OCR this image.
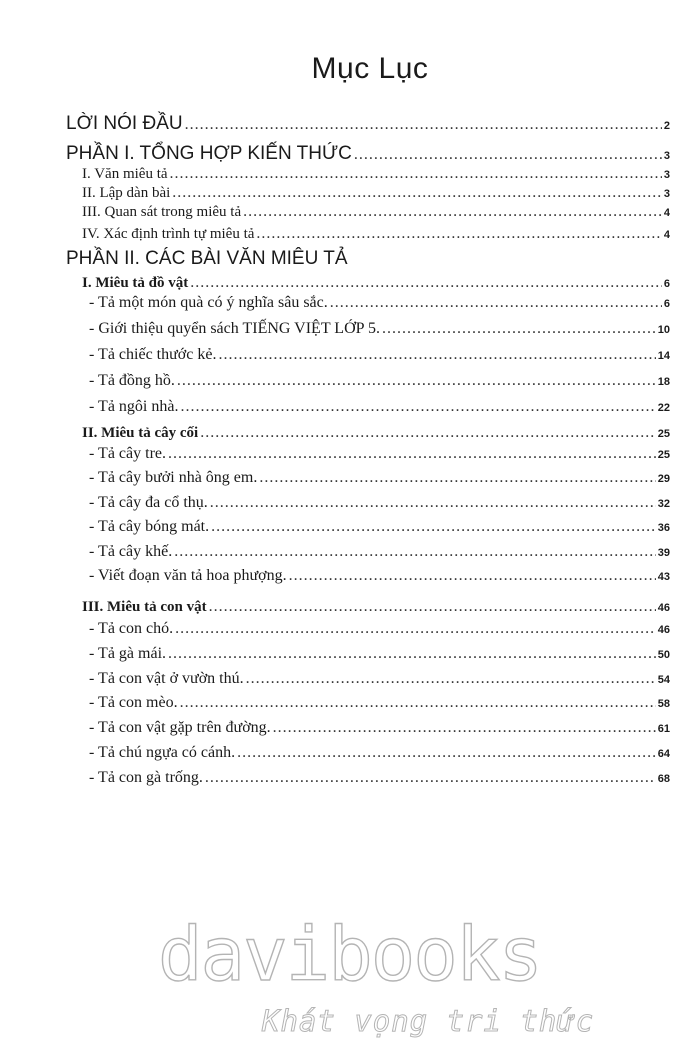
Mục Lục
LỜI NÓI ĐẦU .....	2
PHẦN I. TỔNG HỢP KIẾN THỨC .....	3
I. Văn miêu tả .....	3
II. Lập dàn bài .....	3
III. Quan sát trong miêu tả .....	4
IV. Xác định trình tự miêu tả .....	4
PHẦN II. CÁC BÀI VĂN MIÊU TẢ
I. Miêu tả đồ vật .....	6
- Tả một món quà có ý nghĩa sâu sắc. .....	6
- Giới thiệu quyển sách TIẾNG VIỆT LỚP 5. .....	10
- Tả chiếc thước kẻ. .....	14
- Tả đồng hồ. .....	18
- Tả ngôi nhà. .....	22
II. Miêu tả cây cối .....	25
- Tả cây tre. .....	25
- Tả cây bưởi nhà ông em. .....	29
- Tả cây đa cổ thụ. .....	32
- Tả cây bóng mát. .....	36
- Tả cây khế. .....	39
- Viết đoạn văn tả hoa phượng. .....	43
III. Miêu tả con vật .....	46
- Tả con chó. .....	46
- Tả gà mái. .....	50
- Tả con vật ở vườn thú. .....	54
- Tả con mèo. .....	58
- Tả con vật gặp trên đường. .....	61
- Tả chú ngựa có cánh. .....	64
- Tả con gà trống. .....	68
davibooks
Khát vọng tri thức
